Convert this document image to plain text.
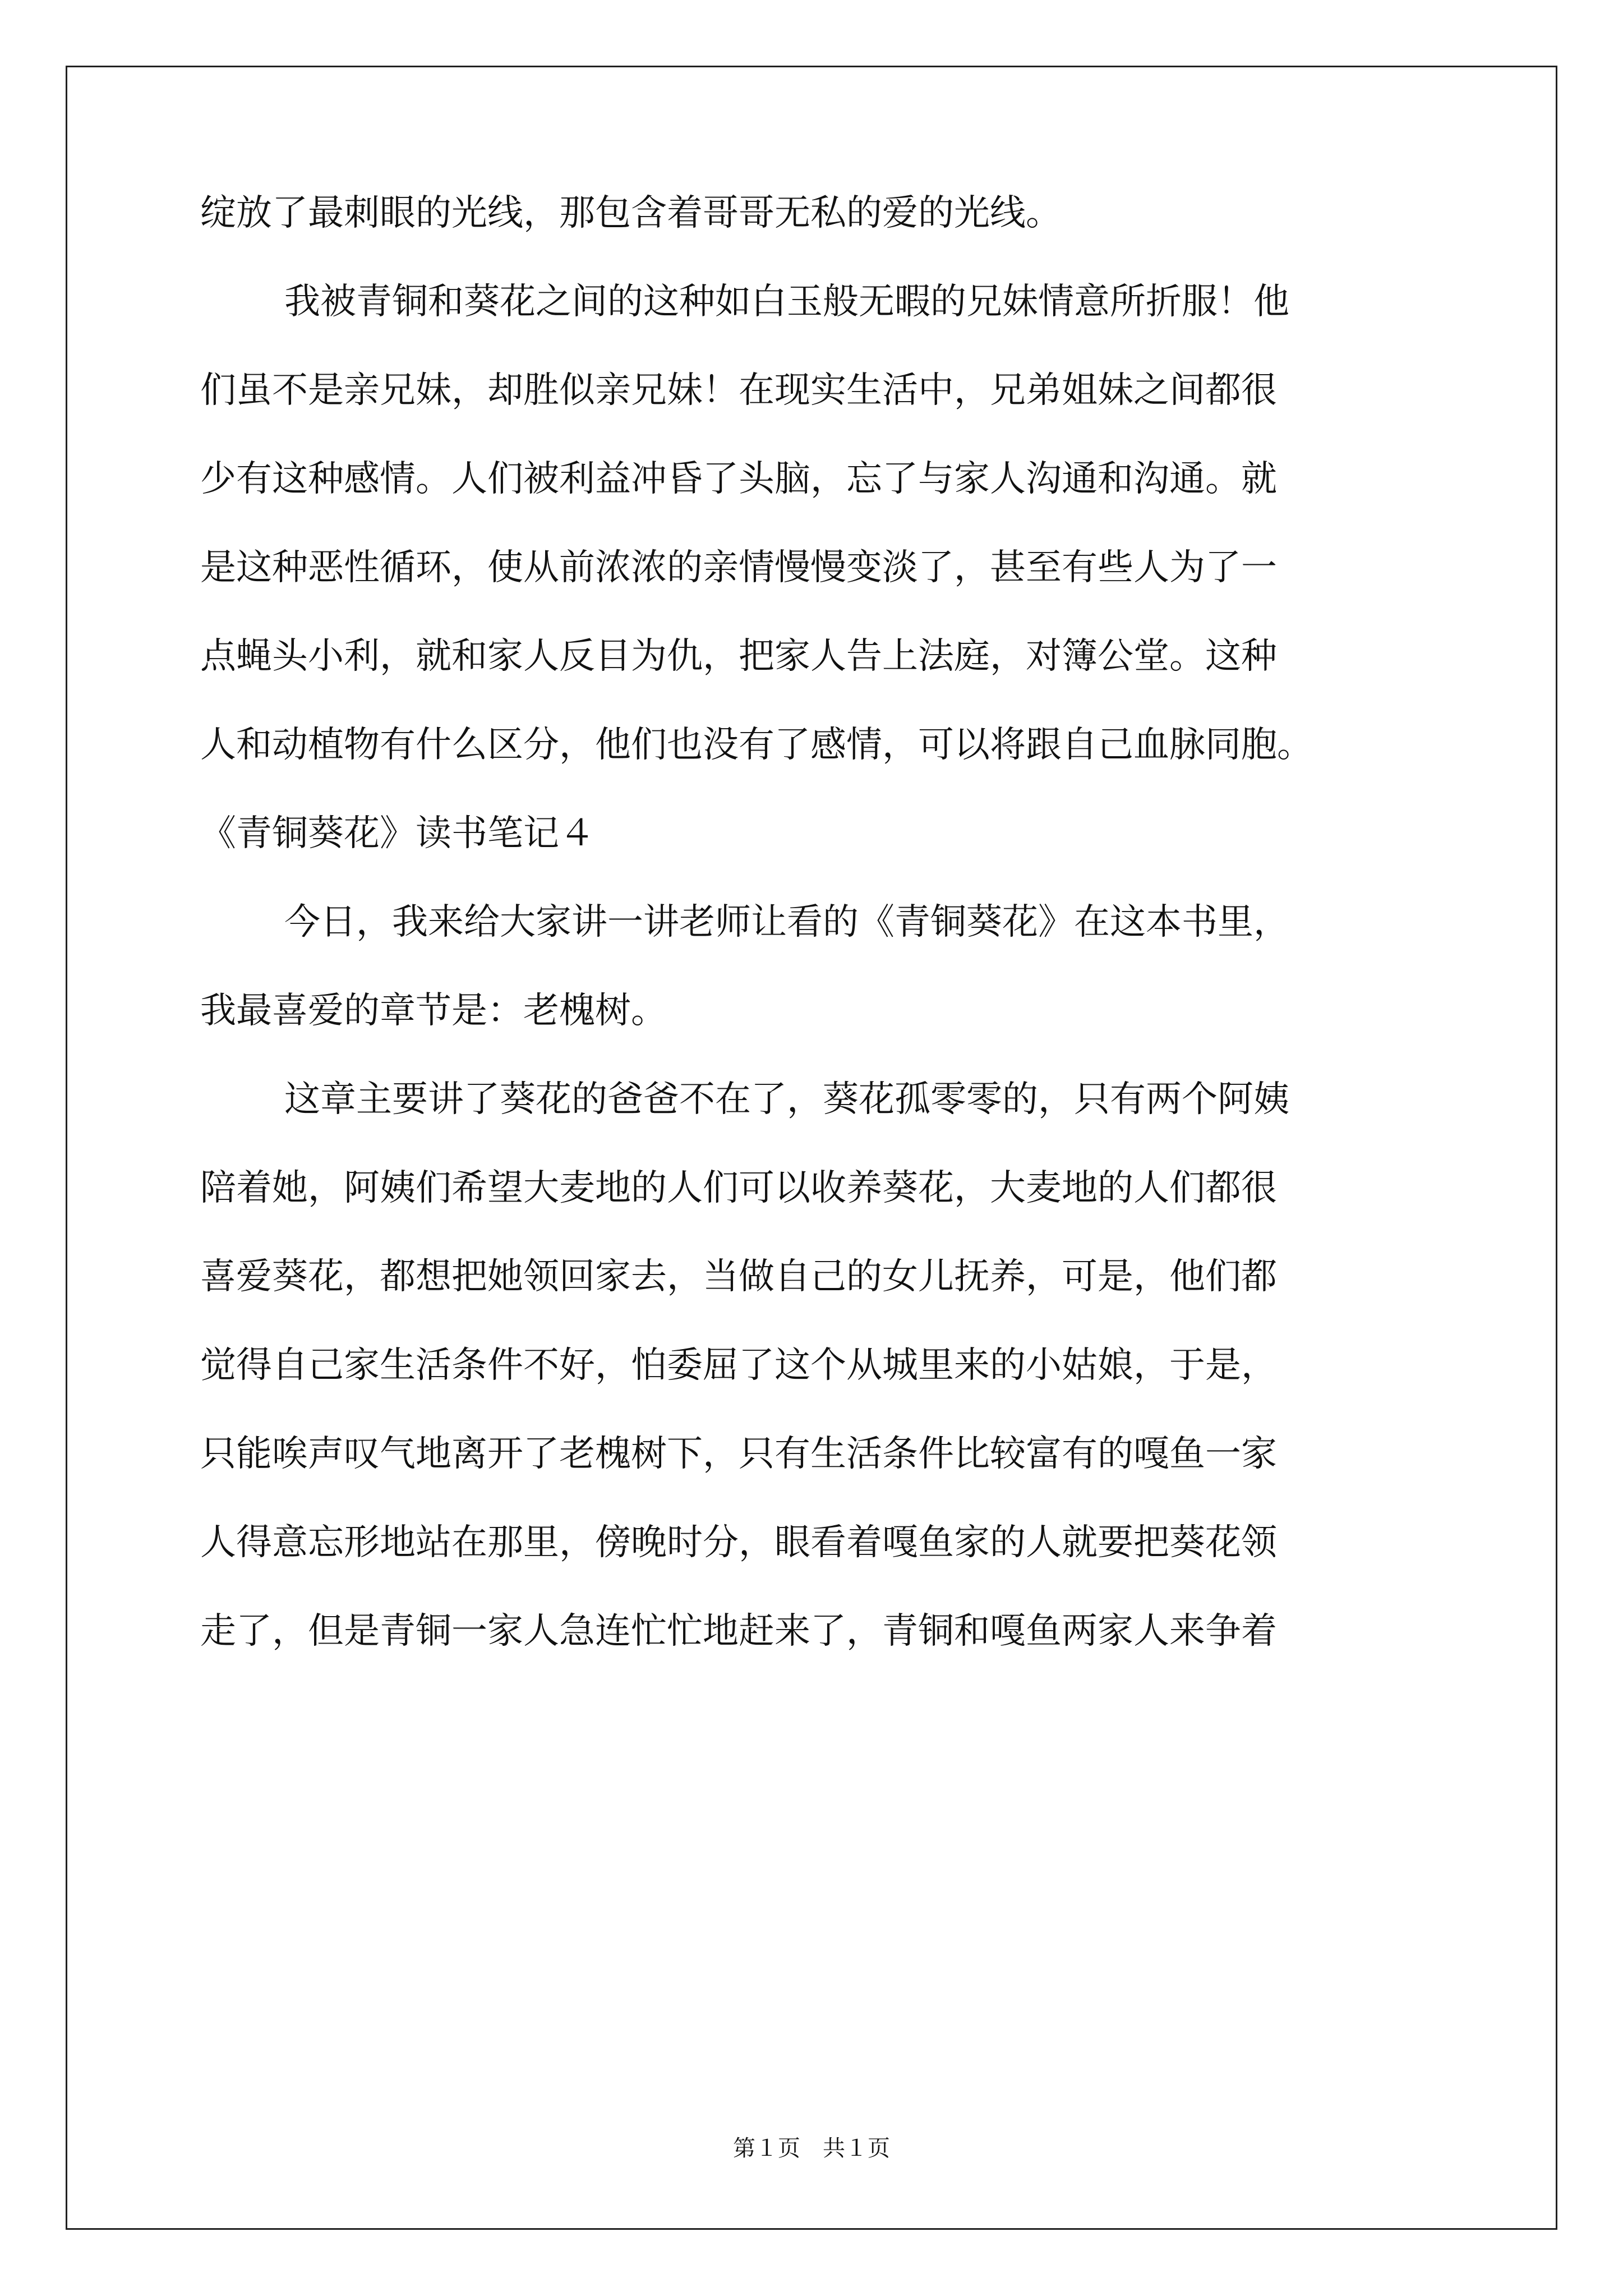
绽放了最刺眼的光线，那包含着哥哥无私的爱的光线。
我被青铜和葵花之间的这种如白玉般无暇的兄妹情意所折服！他
们虽不是亲兄妹，却胜似亲兄妹！在现实生活中，兄弟姐妹之间都很
少有这种感情。人们被利益冲昏了头脑，忘了与家人沟通和沟通。就
是这种恶性循环，使从前浓浓的亲情慢慢变淡了，甚至有些人为了一
点蝇头小利，就和家人反目为仇，把家人告上法庭，对簿公堂。这种
人和动植物有什么区分，他们也没有了感情，可以将跟自己血脉同胞。
《青铜葵花》读书笔记４
今日，我来给大家讲一讲老师让看的《青铜葵花》在这本书里，
我最喜爱的章节是：老槐树。
这章主要讲了葵花的爸爸不在了，葵花孤零零的，只有两个阿姨
陪着她，阿姨们希望大麦地的人们可以收养葵花，大麦地的人们都很
喜爱葵花，都想把她领回家去，当做自己的女儿抚养，可是，他们都
觉得自己家生活条件不好，怕委屈了这个从城里来的小姑娘，于是，
只能唉声叹气地离开了老槐树下，只有生活条件比较富有的嘎鱼一家
人得意忘形地站在那里，傍晚时分，眼看着嘎鱼家的人就要把葵花领
走了，但是青铜一家人急连忙忙地赶来了，青铜和嘎鱼两家人来争着
第１页 共１页
